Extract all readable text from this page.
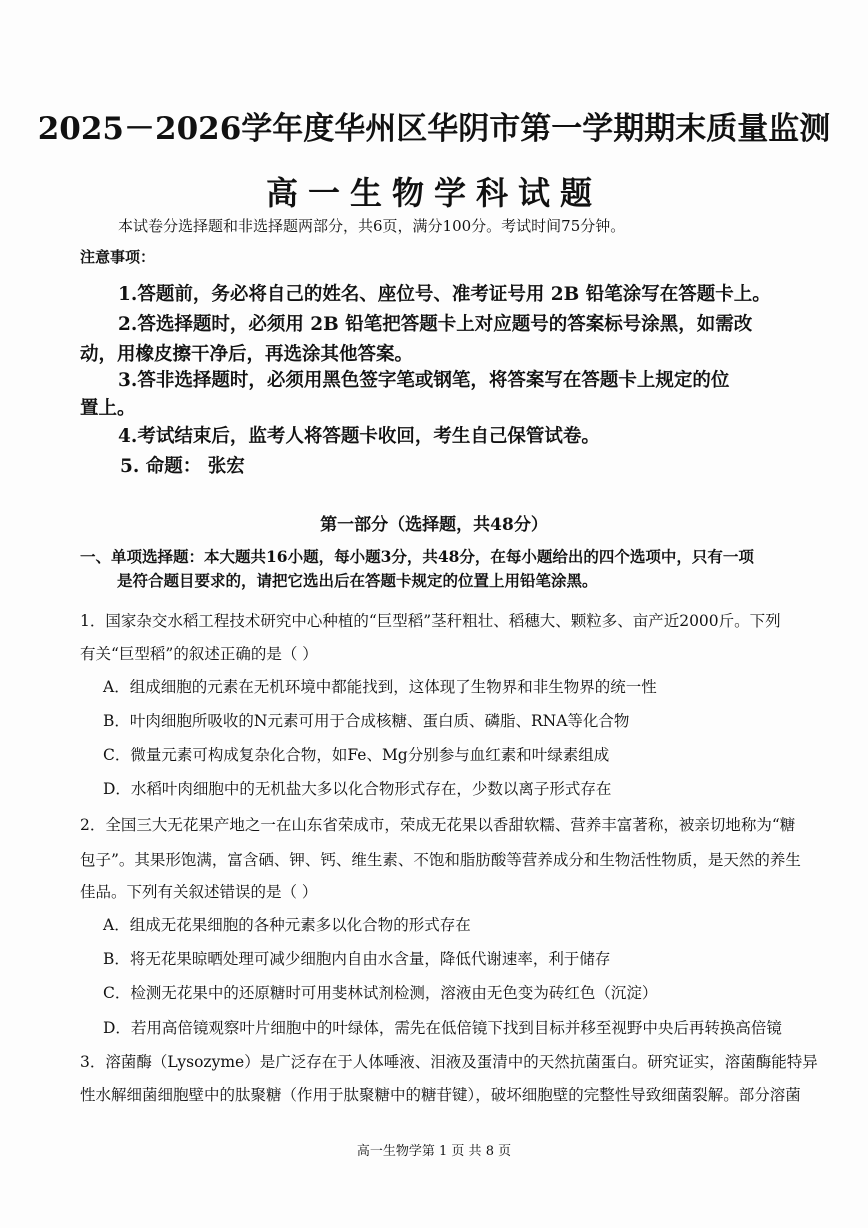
2025－2026学年度华州区华阴市第一学期期末质量监测
高一生物学科试题
本试卷分选择题和非选择题两部分，共6页，满分100分。考试时间75分钟。
注意事项：
1.答题前，务必将自己的姓名、座位号、准考证号用 2B 铅笔涂写在答题卡上。
2.答选择题时，必须用 2B 铅笔把答题卡上对应题号的答案标号涂黑，如需改
动，用橡皮擦干净后，再选涂其他答案。
3.答非选择题时，必须用黑色签字笔或钢笔，将答案写在答题卡上规定的位
置上。
4.考试结束后，监考人将答题卡收回，考生自己保管试卷。
5. 命题： 张宏
第一部分（选择题，共48分）
一、单项选择题：本大题共16小题，每小题3分，共48分，在每小题给出的四个选项中，只有一项
是符合题目要求的，请把它选出后在答题卡规定的位置上用铅笔涂黑。
1．国家杂交水稻工程技术研究中心种植的“巨型稻”茎秆粗壮、稻穗大、颗粒多、亩产近2000斤。下列
有关“巨型稻”的叙述正确的是（ ）
A．组成细胞的元素在无机环境中都能找到，这体现了生物界和非生物界的统一性
B．叶肉细胞所吸收的N元素可用于合成核糖、蛋白质、磷脂、RNA等化合物
C．微量元素可构成复杂化合物，如Fe、Mg分别参与血红素和叶绿素组成
D．水稻叶肉细胞中的无机盐大多以化合物形式存在，少数以离子形式存在
2．全国三大无花果产地之一在山东省荣成市，荣成无花果以香甜软糯、营养丰富著称，被亲切地称为“糖
包子”。其果形饱满，富含硒、钾、钙、维生素、不饱和脂肪酸等营养成分和生物活性物质，是天然的养生
佳品。下列有关叙述错误的是（ ）
A．组成无花果细胞的各种元素多以化合物的形式存在
B．将无花果晾晒处理可减少细胞内自由水含量，降低代谢速率，利于储存
C．检测无花果中的还原糖时可用斐林试剂检测，溶液由无色变为砖红色（沉淀）
D．若用高倍镜观察叶片细胞中的叶绿体，需先在低倍镜下找到目标并移至视野中央后再转换高倍镜
3．溶菌酶（Lysozyme）是广泛存在于人体唾液、泪液及蛋清中的天然抗菌蛋白。研究证实，溶菌酶能特异
性水解细菌细胞壁中的肽聚糖（作用于肽聚糖中的糖苷键），破坏细胞壁的完整性导致细菌裂解。部分溶菌
高一生物学第 1 页 共 8 页
